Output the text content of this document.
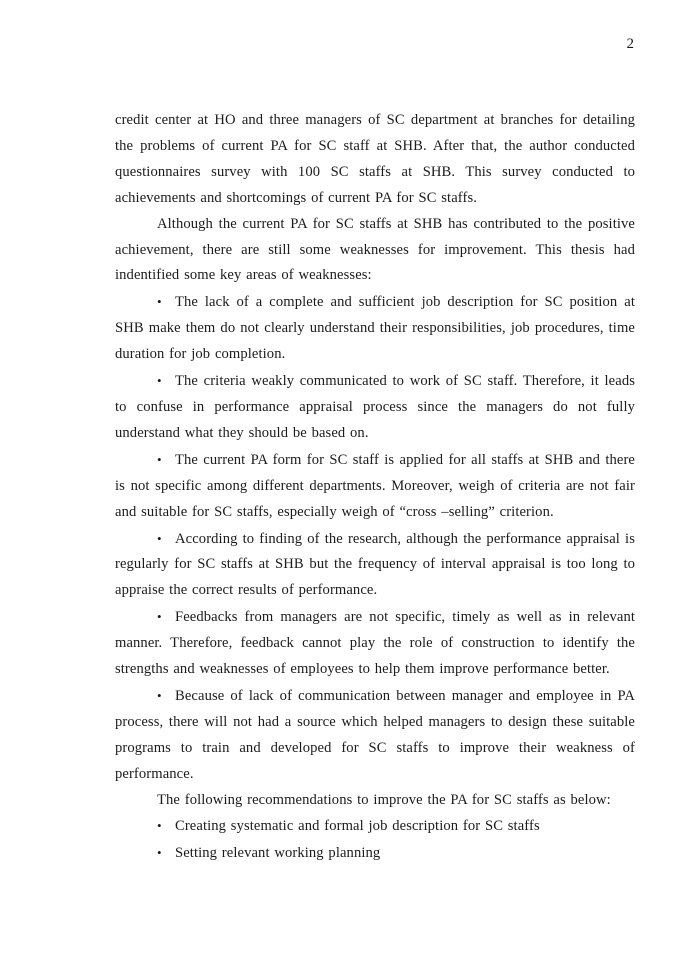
2

credit center at HO and three managers of SC department at branches for detailing the problems of current PA for SC staff at SHB. After that, the author conducted questionnaires survey with 100 SC staffs at SHB. This survey conducted to achievements and shortcomings of current PA for SC staffs.

Although the current PA for SC staffs at SHB has contributed to the positive achievement, there are still some weaknesses for improvement. This thesis had indentified some key areas of weaknesses:

• The lack of a complete and sufficient job description for SC position at SHB make them do not clearly understand their responsibilities, job procedures, time duration for job completion.

• The criteria weakly communicated to work of SC staff. Therefore, it leads to confuse in performance appraisal process since the managers do not fully understand what they should be based on.

• The current PA form for SC staff is applied for all staffs at SHB and there is not specific among different departments. Moreover, weigh of criteria are not fair and suitable for SC staffs, especially weigh of “cross –selling” criterion.

• According to finding of the research, although the performance appraisal is regularly for SC staffs at SHB but the frequency of interval appraisal is too long to appraise the correct results of performance.

• Feedbacks from managers are not specific, timely as well as in relevant manner. Therefore, feedback cannot play the role of construction to identify the strengths and weaknesses of employees to help them improve performance better.

• Because of lack of communication between manager and employee in PA process, there will not had a source which helped managers to design these suitable programs to train and developed for SC staffs to improve their weakness of performance.

The following recommendations to improve the PA for SC staffs as below:

• Creating systematic and formal job description for SC staffs

• Setting relevant working planning
